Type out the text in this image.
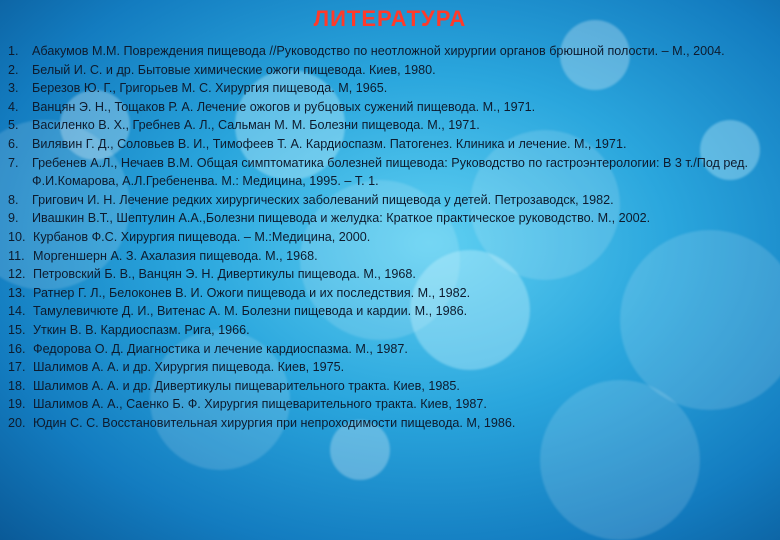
ЛИТЕРАТУРА
1.	Абакумов М.М. Повреждения пищевода //Руководство по неотложной хирургии органов брюшной полости. – М., 2004.
2.	Белый И. С. и др. Бытовые химические ожоги пищевода. Киев, 1980.
3.	Березов Ю. Г., Григорьев М. С. Хирургия пищевода. М, 1965.
4.	Ванцян Э. Н., Тощаков Р. А. Лечение ожогов и рубцовых сужений пищевода. М., 1971.
5.	Василенко В. Х., Гребнев А. Л., Сальман М. М. Болезни пищевода. М., 1971.
6.	Вилявин Г. Д., Соловьев В. И., Тимофеев Т. А. Кардиоспазм. Патогенез. Клиника и лечение. М., 1971.
7.	Гребенев А.Л., Нечаев В.М. Общая симптоматика болезней пищевода: Руководство по гастроэнтерологии: В 3 т./Под ред. Ф.И.Комарова, А.Л.Гребененва. М.: Медицина, 1995. – Т. 1.
8.	Григович И. Н. Лечение редких хирургических заболеваний пищевода у детей. Петрозаводск, 1982.
9.	Ивашкин В.Т., Шептулин А.А.,Болезни пищевода и желудка: Краткое практическое руководство. М., 2002.
10. Курбанов Ф.С. Хирургия пищевода. – М.:Медицина, 2000.
11. Моргеншерн А. З. Ахалазия пищевода. М., 1968.
12. Петровский Б. В., Ванцян Э. Н. Дивертикулы пищевода. М., 1968.
13. Ратнер Г. Л., Белоконев В. И. Ожоги пищевода и их последствия. М., 1982.
14. Тамулевичюте Д. И., Витенас А. М. Болезни пищевода и кардии. М., 1986.
15. Уткин В. В. Кардиоспазм. Рига, 1966.
16. Федорова О. Д. Диагностика и лечение кардиоспазма. М., 1987.
17. Шалимов А. А. и др. Хирургия пищевода. Киев, 1975.
18. Шалимов А. А. и др. Дивертикулы пищеварительного тракта. Киев, 1985.
19. Шалимов А. А., Саенко Б. Ф. Хирургия пищеварительного тракта. Киев, 1987.
20. Юдин С. С. Восстановительная хирургия при непроходимости пищевода. М, 1986.
